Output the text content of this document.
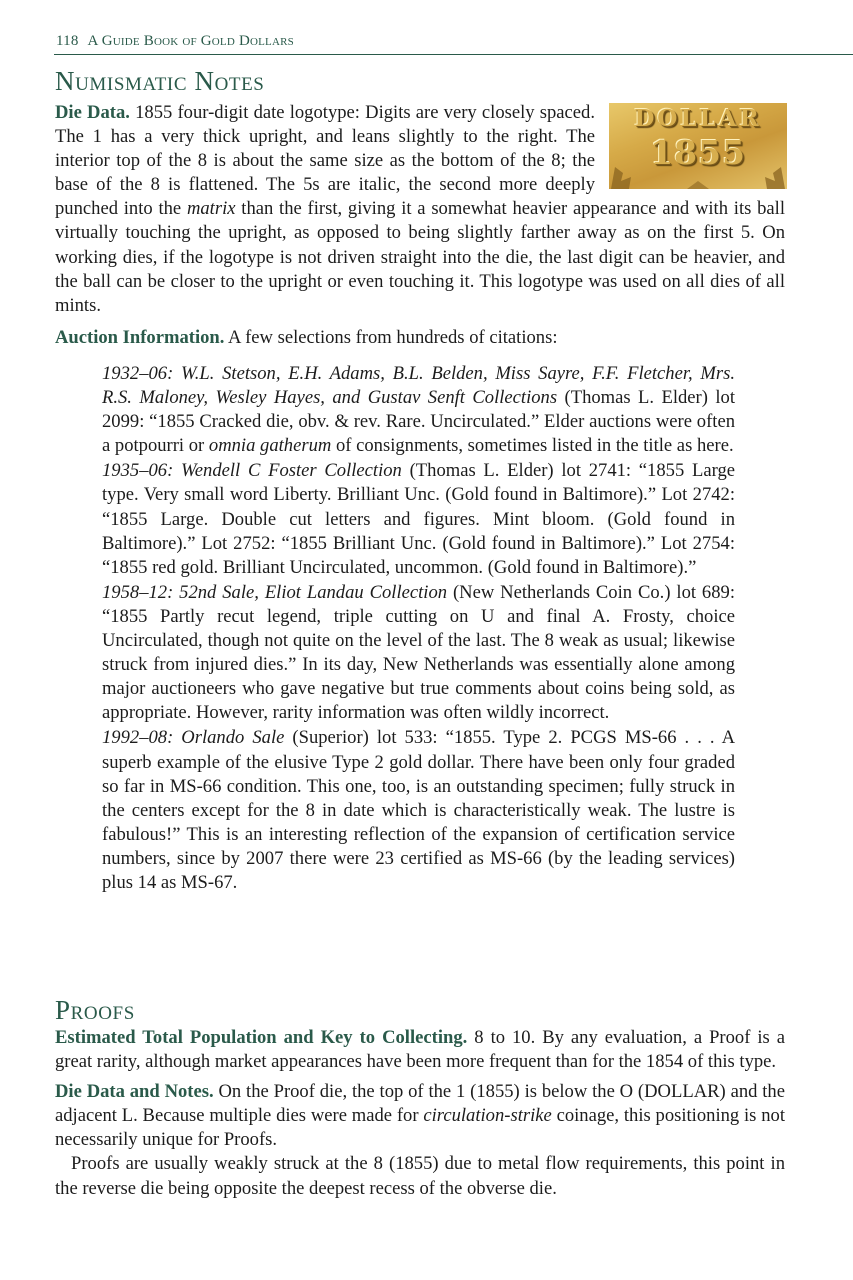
118 A Guide Book of Gold Dollars
Numismatic Notes
DOLLAR
1855

Die Data. 1855 four-digit date logotype: Digits are very closely spaced. The 1 has a very thick upright, and leans slightly to the right. The interior top of the 8 is about the same size as the bottom of the 8; the base of the 8 is flattened. The 5s are italic, the second more deeply punched into the matrix than the first, giving it a somewhat heavier appearance and with its ball virtually touching the upright, as opposed to being slightly farther away as on the first 5. On working dies, if the logotype is not driven straight into the die, the last digit can be heavier, and the ball can be closer to the upright or even touching it. This logotype was used on all dies of all mints.

Auction Information. A few selections from hundreds of citations:

1932–06: W.L. Stetson, E.H. Adams, B.L. Belden, Miss Sayre, F.F. Fletcher, Mrs. R.S. Maloney, Wesley Hayes, and Gustav Senft Collections (Thomas L. Elder) lot 2099: “1855 Cracked die, obv. & rev. Rare. Uncirculated.” Elder auctions were often a potpourri or omnia gatherum of consignments, sometimes listed in the title as here.

1935–06: Wendell C Foster Collection (Thomas L. Elder) lot 2741: “1855 Large type. Very small word Liberty. Brilliant Unc. (Gold found in Baltimore).” Lot 2742: “1855 Large. Double cut letters and figures. Mint bloom. (Gold found in Baltimore).” Lot 2752: “1855 Brilliant Unc. (Gold found in Baltimore).” Lot 2754: “1855 red gold. Brilliant Uncirculated, uncommon. (Gold found in Baltimore).”

1958–12: 52nd Sale, Eliot Landau Collection (New Netherlands Coin Co.) lot 689: “1855 Partly recut legend, triple cutting on U and final A. Frosty, choice Uncirculated, though not quite on the level of the last. The 8 weak as usual; likewise struck from injured dies.” In its day, New Netherlands was essentially alone among major auctioneers who gave negative but true comments about coins being sold, as appropriate. However, rarity information was often wildly incorrect.

1992–08: Orlando Sale (Superior) lot 533: “1855. Type 2. PCGS MS-66 . . . A superb example of the elusive Type 2 gold dollar. There have been only four graded so far in MS-66 condition. This one, too, is an outstanding specimen; fully struck in the centers except for the 8 in date which is characteristically weak. The lustre is fabulous!” This is an interesting reflection of the expansion of certification service numbers, since by 2007 there were 23 certified as MS-66 (by the leading services) plus 14 as MS-67.

Proofs

Estimated Total Population and Key to Collecting. 8 to 10. By any evaluation, a Proof is a great rarity, although market appearances have been more frequent than for the 1854 of this type.

Die Data and Notes. On the Proof die, the top of the 1 (1855) is below the O (DOLLAR) and the adjacent L. Because multiple dies were made for circulation-strike coinage, this positioning is not necessarily unique for Proofs.

Proofs are usually weakly struck at the 8 (1855) due to metal flow requirements, this point in the reverse die being opposite the deepest recess of the obverse die.
